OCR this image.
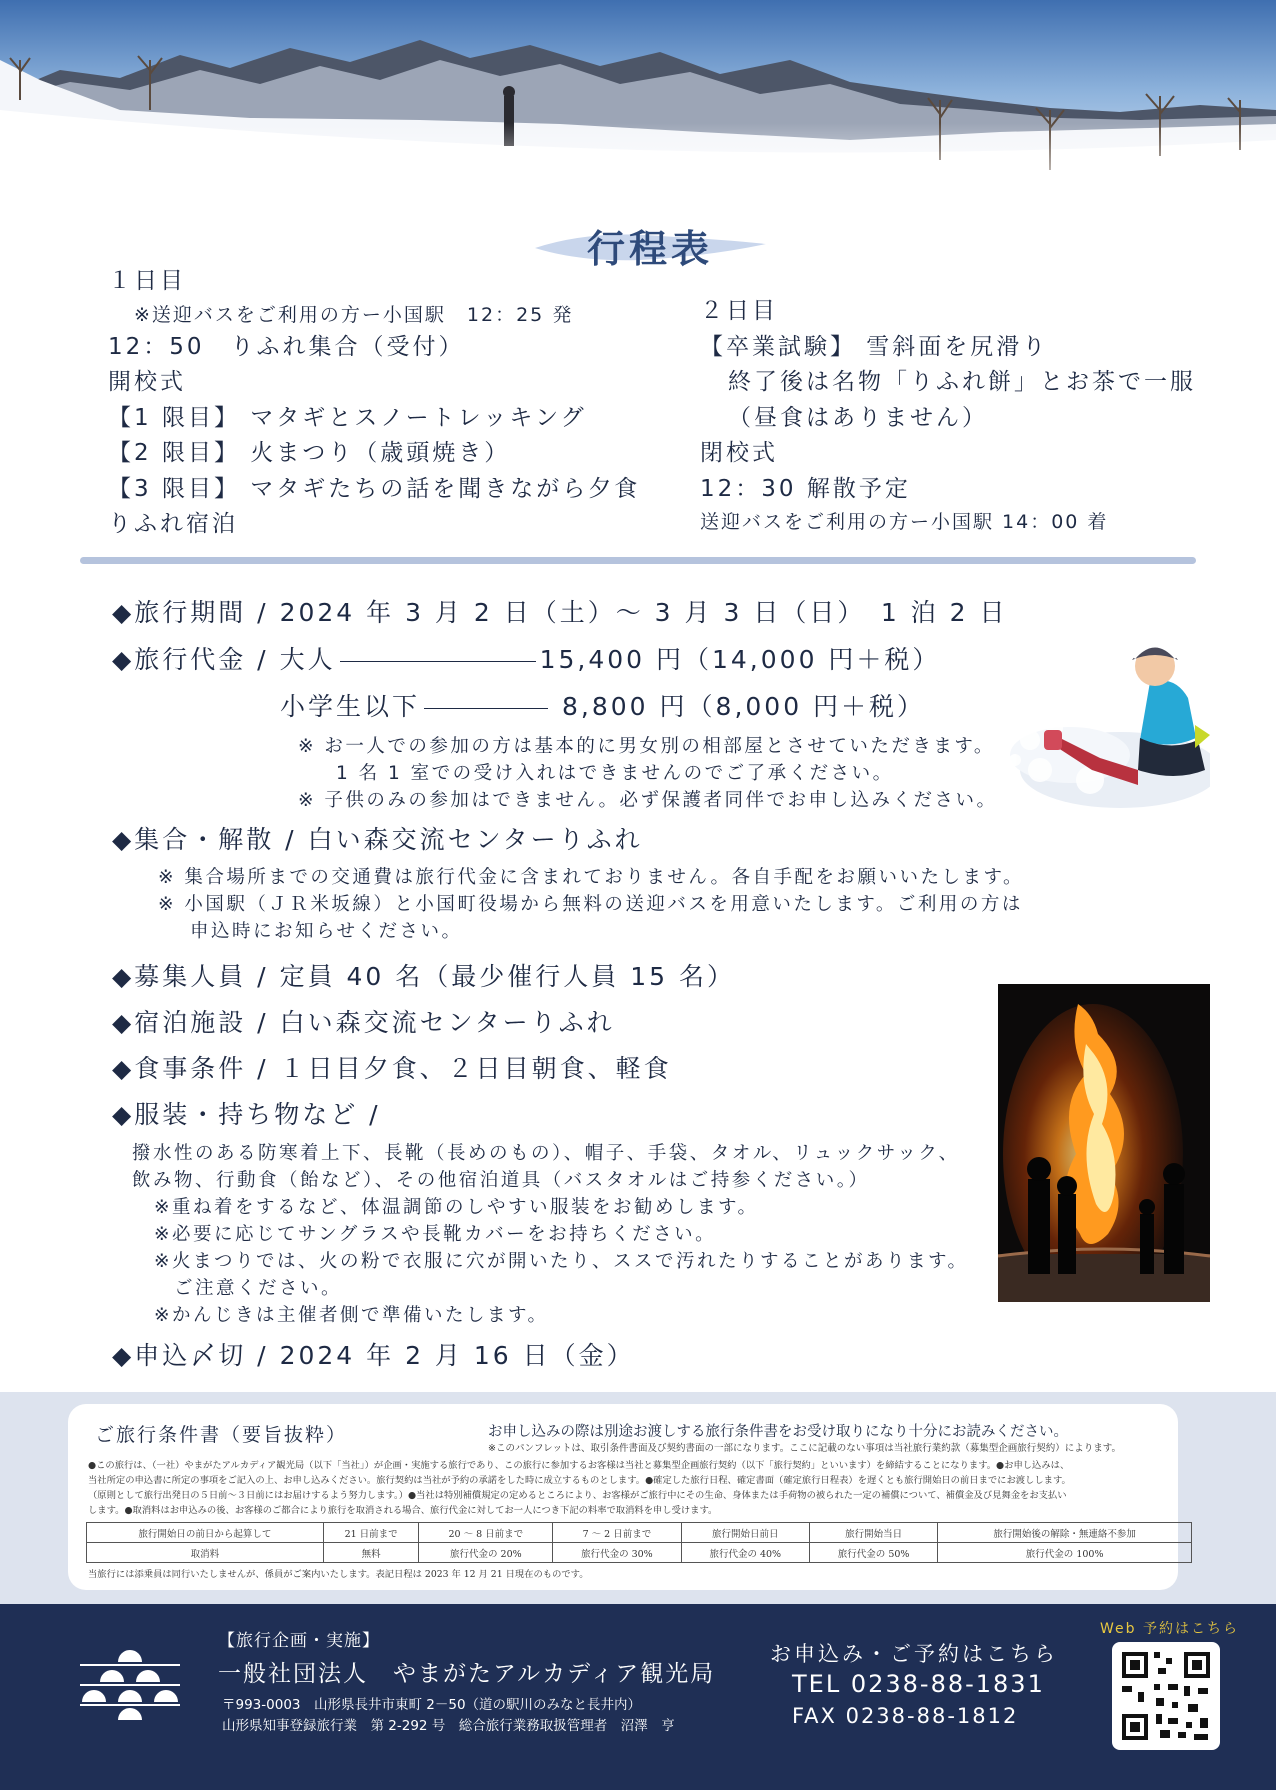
行程表
１日目
※送迎バスをご利用の方ー小国駅　12：25 発
12：50　りふれ集合（受付）
開校式
【1 限目】 マタギとスノートレッキング
【2 限目】 火まつり（歳頭焼き）
【3 限目】 マタギたちの話を聞きながら夕食
りふれ宿泊
２日目
【卒業試験】 雪斜面を尻滑り
終了後は名物「りふれ餅」とお茶で一服
（昼食はありません）
閉校式
12：30 解散予定
送迎バスをご利用の方ー小国駅 14：00 着
◆旅行期間 / 2024 年 3 月 2 日（土）～ 3 月 3 日（日）　1 泊 2 日
◆旅行代金 / 大人	15,400 円（14,000 円＋税）
小学生以下	8,800 円（8,000 円＋税）
※ お一人での参加の方は基本的に男女別の相部屋とさせていただきます。
1 名 1 室での受け入れはできませんのでご了承ください。
※ 子供のみの参加はできません。必ず保護者同伴でお申し込みください。
◆集合・解散 / 白い森交流センターりふれ
※ 集合場所までの交通費は旅行代金に含まれておりません。各自手配をお願いいたします。
※ 小国駅（ＪＲ米坂線）と小国町役場から無料の送迎バスを用意いたします。ご利用の方は
申込時にお知らせください。
◆募集人員 / 定員 40 名（最少催行人員 15 名）
◆宿泊施設 / 白い森交流センターりふれ
◆食事条件 / １日目夕食、２日目朝食、軽食
◆服装・持ち物など /
撥水性のある防寒着上下、長靴（長めのもの）、帽子、手袋、タオル、リュックサック、
飲み物、行動食（飴など）、その他宿泊道具（バスタオルはご持参ください。）
※重ね着をするなど、体温調節のしやすい服装をお勧めします。
※必要に応じてサングラスや長靴カバーをお持ちください。
※火まつりでは、火の粉で衣服に穴が開いたり、ススで汚れたりすることがあります。
ご注意ください。
※かんじきは主催者側で準備いたします。
◆申込〆切 / 2024 年 2 月 16 日（金）
ご旅行条件書（要旨抜粋）	お申し込みの際は別途お渡しする旅行条件書をお受け取りになり十分にお読みください。
※このパンフレットは、取引条件書面及び契約書面の一部になります。ここに記載のない事項は当社旅行業約款（募集型企画旅行契約）によります。
●この旅行は、（一社）やまがたアルカディア観光局（以下「当社」）が企画・実施する旅行であり、この旅行に参加するお客様は当社と募集型企画旅行契約（以下「旅行契約」といいます）を締結することになります。●お申し込みは、
当社所定の申込書に所定の事項をご記入の上、お申し込みください。旅行契約は当社が予約の承諾をした時に成立するものとします。●確定した旅行日程、確定書面（確定旅行日程表）を遅くとも旅行開始日の前日までにお渡しします。
（原則として旅行出発日の５日前～３日前にはお届けするよう努力します。）●当社は特別補償規定の定めるところにより、お客様がご旅行中にその生命、身体または手荷物の被られた一定の補償について、補償金及び見舞金をお支払い
します。●取消料はお申込みの後、お客様のご都合により旅行を取消される場合、旅行代金に対してお一人につき下記の料率で取消料を申し受けます。
旅行開始日の前日から起算して	21 日前まで	20 ～ 8 日前まで	7 ～ 2 日前まで	旅行開始日前日	旅行開始当日	旅行開始後の解除・無連絡不参加
取消料	無料	旅行代金の 20%	旅行代金の 30%	旅行代金の 40%	旅行代金の 50%	旅行代金の 100%
当旅行には添乗員は同行いたしませんが、係員がご案内いたします。表記日程は 2023 年 12 月 21 日現在のものです。
【旅行企画・実施】
一般社団法人　やまがたアルカディア観光局
〒993-0003　山形県長井市東町 2－50（道の駅川のみなと長井内）
山形県知事登録旅行業　第 2-292 号　総合旅行業務取扱管理者　沼澤　亨
お申込み・ご予約はこちら
TEL 0238-88-1831
FAX 0238-88-1812
Web 予約はこちら
